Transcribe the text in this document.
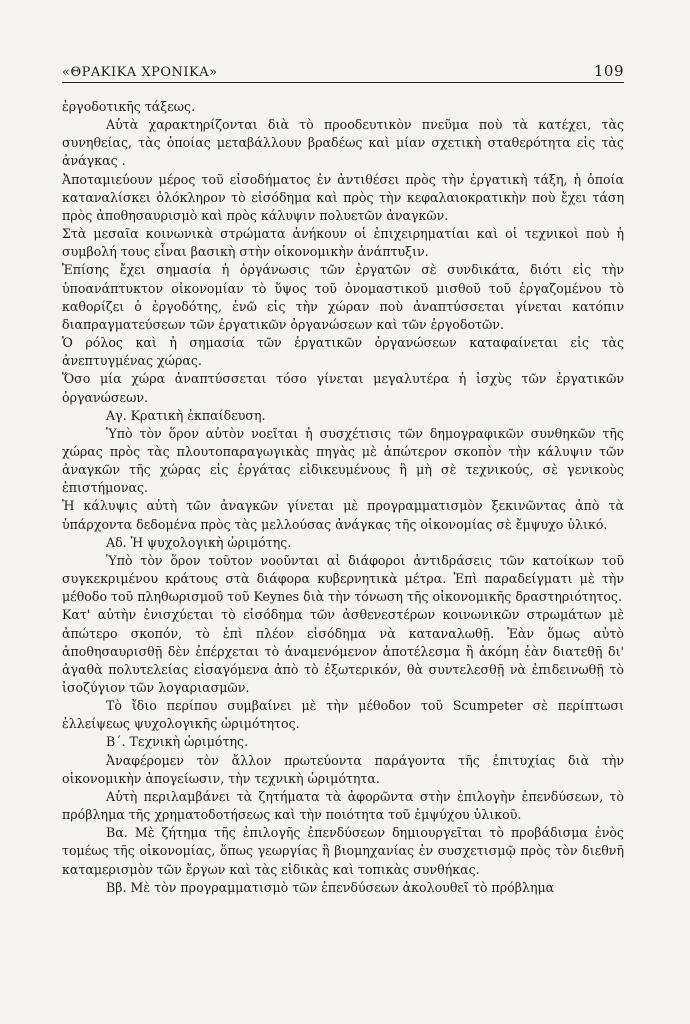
«ΘΡΑΚΙΚΑ ΧΡΟΝΙΚΑ»	109

ἐργοδοτικῆς τάξεως.

Αὐτὰ χαρακτηρίζονται διὰ τὸ προοδευτικὸν πνεῦμα ποὺ τὰ κατέχει, τὰς συνηθείας, τὰς ὁποίας μεταβάλλουν βραδέως καὶ μίαν σχετικὴ σταθερότητα εἰς τὰς ἀνάγκας .

Ἀποταμιεύουν μέρος τοῦ εἰσοδήματος ἐν ἀντιθέσει πρὸς τὴν ἐργατικὴ τάξη, ἡ ὁποία καταναλίσκει ὁλόκληρον τὸ εἰσόδημα καὶ πρὸς τὴν κεφαλαιοκρατικὴν ποὺ ἔχει τάση πρὸς ἀποθησαυρισμὸ καὶ πρὸς κάλυψιν πολυετῶν ἀναγκῶν.

Στὰ μεσαῖα κοινωνικὰ στρώματα ἀνήκουν οἱ ἐπιχειρηματίαι καὶ οἱ τεχνικοὶ ποὺ ἡ συμβολή τους εἶναι βασικὴ στὴν οἰκονομικὴν ἀνάπτυξιν.

Ἐπίσης ἔχει σημασία ἡ ὀργάνωσις τῶν ἐργατῶν σὲ συνδικάτα, διότι εἰς τὴν ὑποανάπτυκτον οἰκονομίαν τὸ ὕψος τοῦ ὀνομαστικοῦ μισθοῦ τοῦ ἐργαζομένου τὸ καθορίζει ὁ ἐργοδότης, ἐνῶ εἰς τὴν χώραν ποὺ ἀναπτύσσεται γίνεται κατόπιν διαπραγματεύσεων τῶν ἐργατικῶν ὀργανώσεων καὶ τῶν ἐργοδοτῶν.

Ὁ ρόλος καὶ ἡ σημασία τῶν ἐργατικῶν ὀργανώσεων καταφαίνεται εἰς τὰς ἀνεπτυγμένας χώρας.

Ὅσο μία χώρα ἀναπτύσσεται τόσο γίνεται μεγαλυτέρα ἡ ἰσχὺς τῶν ἐργατικῶν ὀργανώσεων.

Αγ. Κρατικὴ ἐκπαίδευση.

Ὑπὸ τὸν ὅρον αὐτὸν νοεῖται ἡ συσχέτισις τῶν δημογραφικῶν συνθηκῶν τῆς χώρας πρὸς τὰς πλουτοπαραγωγικὰς πηγὰς μὲ ἀπώτερον σκοπὸν τὴν κάλυψιν τῶν ἀναγκῶν τῆς χώρας εἰς ἐργάτας εἰδικευμένους ἢ μὴ σὲ τεχνικούς, σὲ γενικοὺς ἐπιστήμονας.

Ἡ κάλυψις αὐτὴ τῶν ἀναγκῶν γίνεται μὲ προγραμματισμὸν ξεκινῶντας ἀπὸ τὰ ὑπάρχοντα δεδομένα πρὸς τὰς μελλούσας ἀνάγκας τῆς οἰκονομίας σὲ ἔμψυχο ὑλικό.

Αδ. Ἡ ψυχολογικὴ ὡριμότης.

Ὑπὸ τὸν ὅρον τοῦτον νοοῦνται αἱ διάφοροι ἀντιδράσεις τῶν κατοίκων τοῦ συγκεκριμένου κράτους στὰ διάφορα κυβερνητικὰ μέτρα. Ἐπὶ παραδείγματι μὲ τὴν μέθοδο τοῦ πληθωρισμοῦ τοῦ Keynes διὰ τὴν τόνωση τῆς οἰκονομικῆς δραστηριότητος.

Κατ' αὐτὴν ἐνισχύεται τὸ εἰσόδημα τῶν ἀσθενεστέρων κοινωνικῶν στρωμάτων μὲ ἀπώτερο σκοπόν, τὸ ἐπὶ πλέον εἰσόδημα νὰ καταναλωθῇ. Ἐὰν ὅμως αὐτὸ ἀποθησαυρισθῇ δὲν ἐπέρχεται τὸ ἀναμενόμενον ἀποτέλεσμα ἢ ἀκόμη ἐὰν διατεθῇ δι' ἀγαθὰ πολυτελείας εἰσαγόμενα ἀπὸ τὸ ἐξωτερικόν, θὰ συντελεσθῇ νὰ ἐπιδεινωθῇ τὸ ἰσοζύγιον τῶν λογαριασμῶν.

Τὸ ἴδιο περίπου συμβαίνει μὲ τὴν μέθοδον τοῦ Scumpeter σὲ περίπτωσι ἐλλείψεως ψυχολογικῆς ὡριμότητος.

Β΄. Τεχνικὴ ὡριμότης.

Ἀναφέρομεν τὸν ἄλλον πρωτεύοντα παράγοντα τῆς ἐπιτυχίας διὰ τὴν οἰκονομικὴν ἀπογείωσιν, τὴν τεχνικὴ ὡριμότητα.

Αὐτὴ περιλαμβάνει τὰ ζητήματα τὰ ἀφορῶντα στὴν ἐπιλογὴν ἐπενδύσεων, τὸ πρόβλημα τῆς χρηματοδοτήσεως καὶ τὴν ποιότητα τοῦ ἐμψύχου ὑλικοῦ.

Βα. Μὲ ζήτημα τῆς ἐπιλογῆς ἐπενδύσεων δημιουργεῖται τὸ προβάδισμα ἑνὸς τομέως τῆς οἰκονομίας, ὅπως γεωργίας ἢ βιομηχανίας ἐν συσχετισμῷ πρὸς τὸν διεθνῆ καταμερισμὸν τῶν ἔργων καὶ τὰς εἰδικὰς καὶ τοπικὰς συνθήκας.

Ββ. Μὲ τὸν προγραμματισμὸ τῶν ἐπενδύσεων ἀκολουθεῖ τὸ πρόβλημα
